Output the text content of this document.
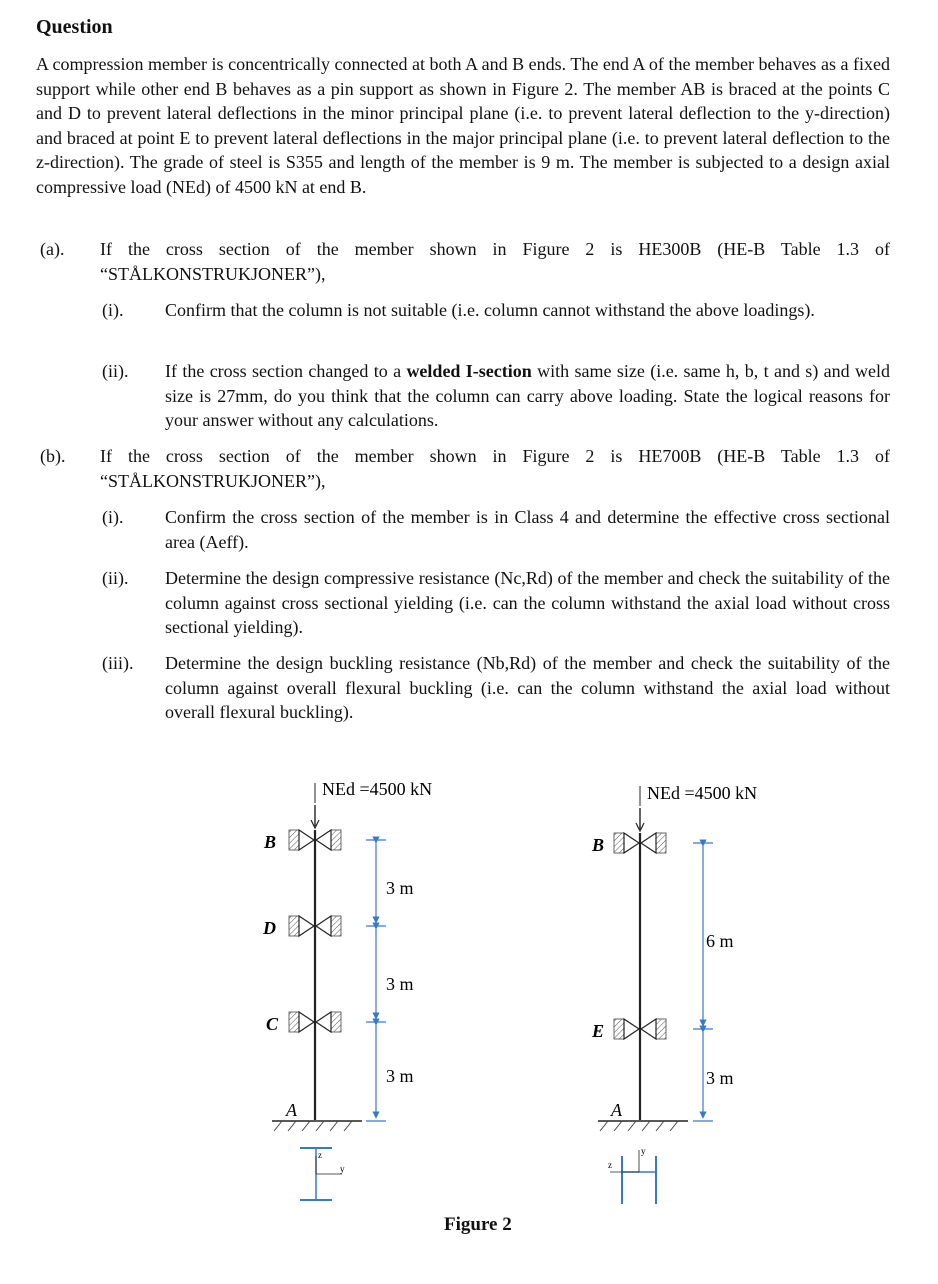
Question
A compression member is concentrically connected at both A and B ends. The end A of the member behaves as a fixed support while other end B behaves as a pin support as shown in Figure 2. The member AB is braced at the points C and D to prevent lateral deflections in the minor principal plane (i.e. to prevent lateral deflection to the y-direction) and braced at point E to prevent lateral deflections in the major principal plane (i.e. to prevent lateral deflection to the z-direction). The grade of steel is S355 and length of the member is 9 m. The member is subjected to a design axial compressive load (NEd) of 4500 kN at end B.
(a). If the cross section of the member shown in Figure 2 is HE300B (HE-B Table 1.3 of “STÅLKONSTRUKJONER”),
(i). Confirm that the column is not suitable (i.e. column cannot withstand the above loadings).
(ii). If the cross section changed to a welded I-section with same size (i.e. same h, b, t and s) and weld size is 27mm, do you think that the column can carry above loading. State the logical reasons for your answer without any calculations.
(b). If the cross section of the member shown in Figure 2 is HE700B (HE-B Table 1.3 of “STÅLKONSTRUKJONER”),
(i). Confirm the cross section of the member is in Class 4 and determine the effective cross sectional area (Aeff).
(ii). Determine the design compressive resistance (Nc,Rd) of the member and check the suitability of the column against cross sectional yielding (i.e. can the column withstand the axial load without cross sectional yielding).
(iii). Determine the design buckling resistance (Nb,Rd) of the member and check the suitability of the column against overall flexural buckling (i.e. can the column withstand the axial load without overall flexural buckling).
NEd =4500 kN
B
D
C
A
3 m
3 m
3 m
z
y
NEd =4500 kN
B
E
A
6 m
3 m
y
z
Figure 2
